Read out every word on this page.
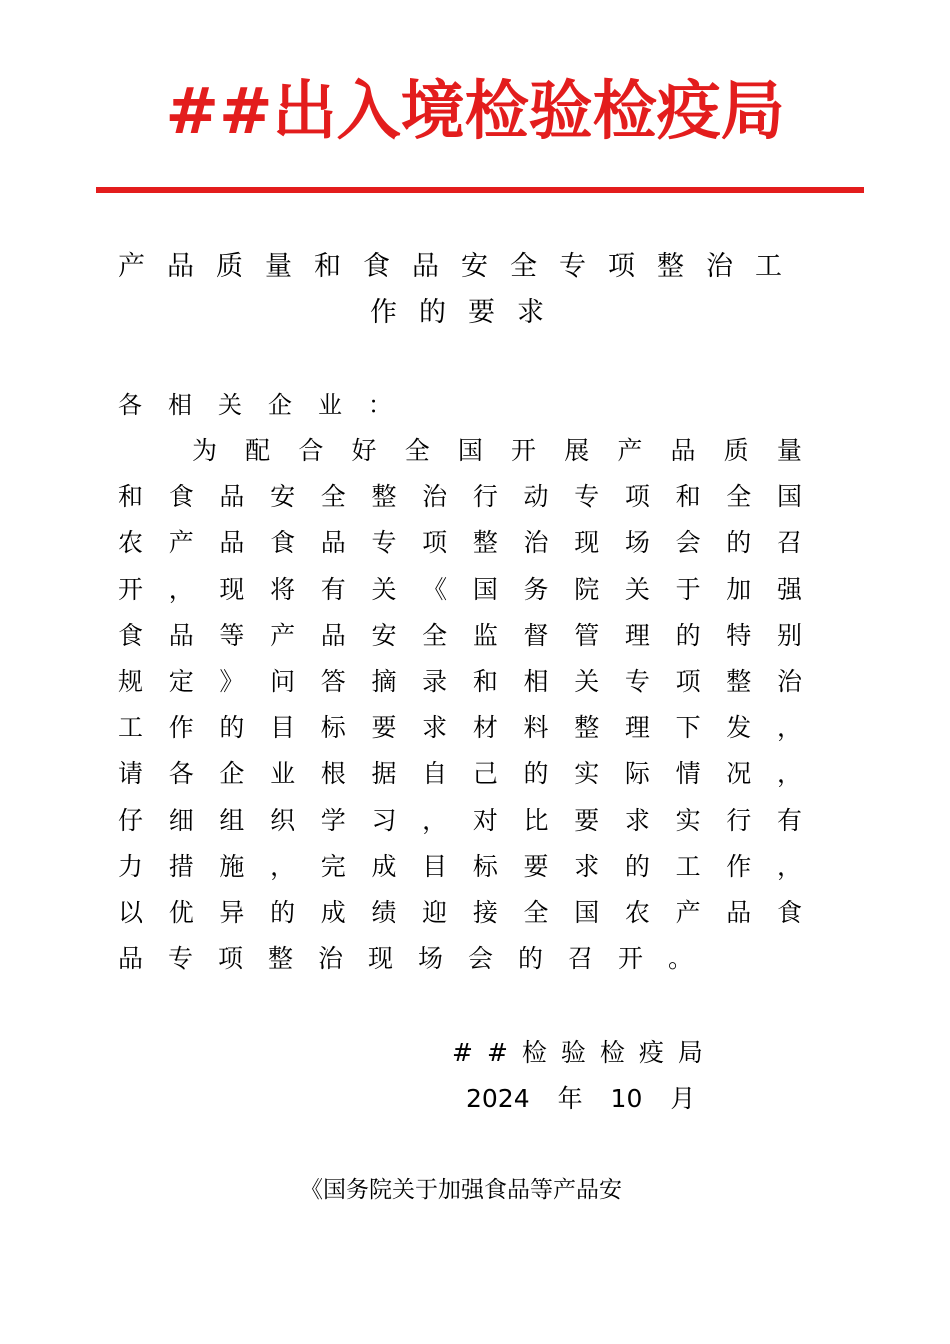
##出入境检验检疫局
产品质量和食品安全专项整治工
作的要求
各相关企业：
为 配 合 好 全 国 开 展 产 品 质 量
和 食 品 安 全 整 治 行 动 专 项 和 全 国
农 产 品 食 品 专 项 整 治 现 场 会 的 召
开 ， 现 将 有 关 《 国 务 院 关 于 加 强
食 品 等 产 品 安 全 监 督 管 理 的 特 别
规 定 》 问 答 摘 录 和 相 关 专 项 整 治
工 作 的 目 标 要 求 材 料 整 理 下 发 ，
请 各 企 业 根 据 自 己 的 实 际 情 况 ，
仔 细 组 织 学 习 ， 对 比 要 求 实 行 有
力 措 施 ， 完 成 目 标 要 求 的 工 作 ，
以 优 异 的 成 绩 迎 接 全 国 农 产 品 食
品 专 项 整 治 现 场 会 的 召 开 。
##检验检疫局
2024 年 10 月
《国务院关于加强食品等产品安
